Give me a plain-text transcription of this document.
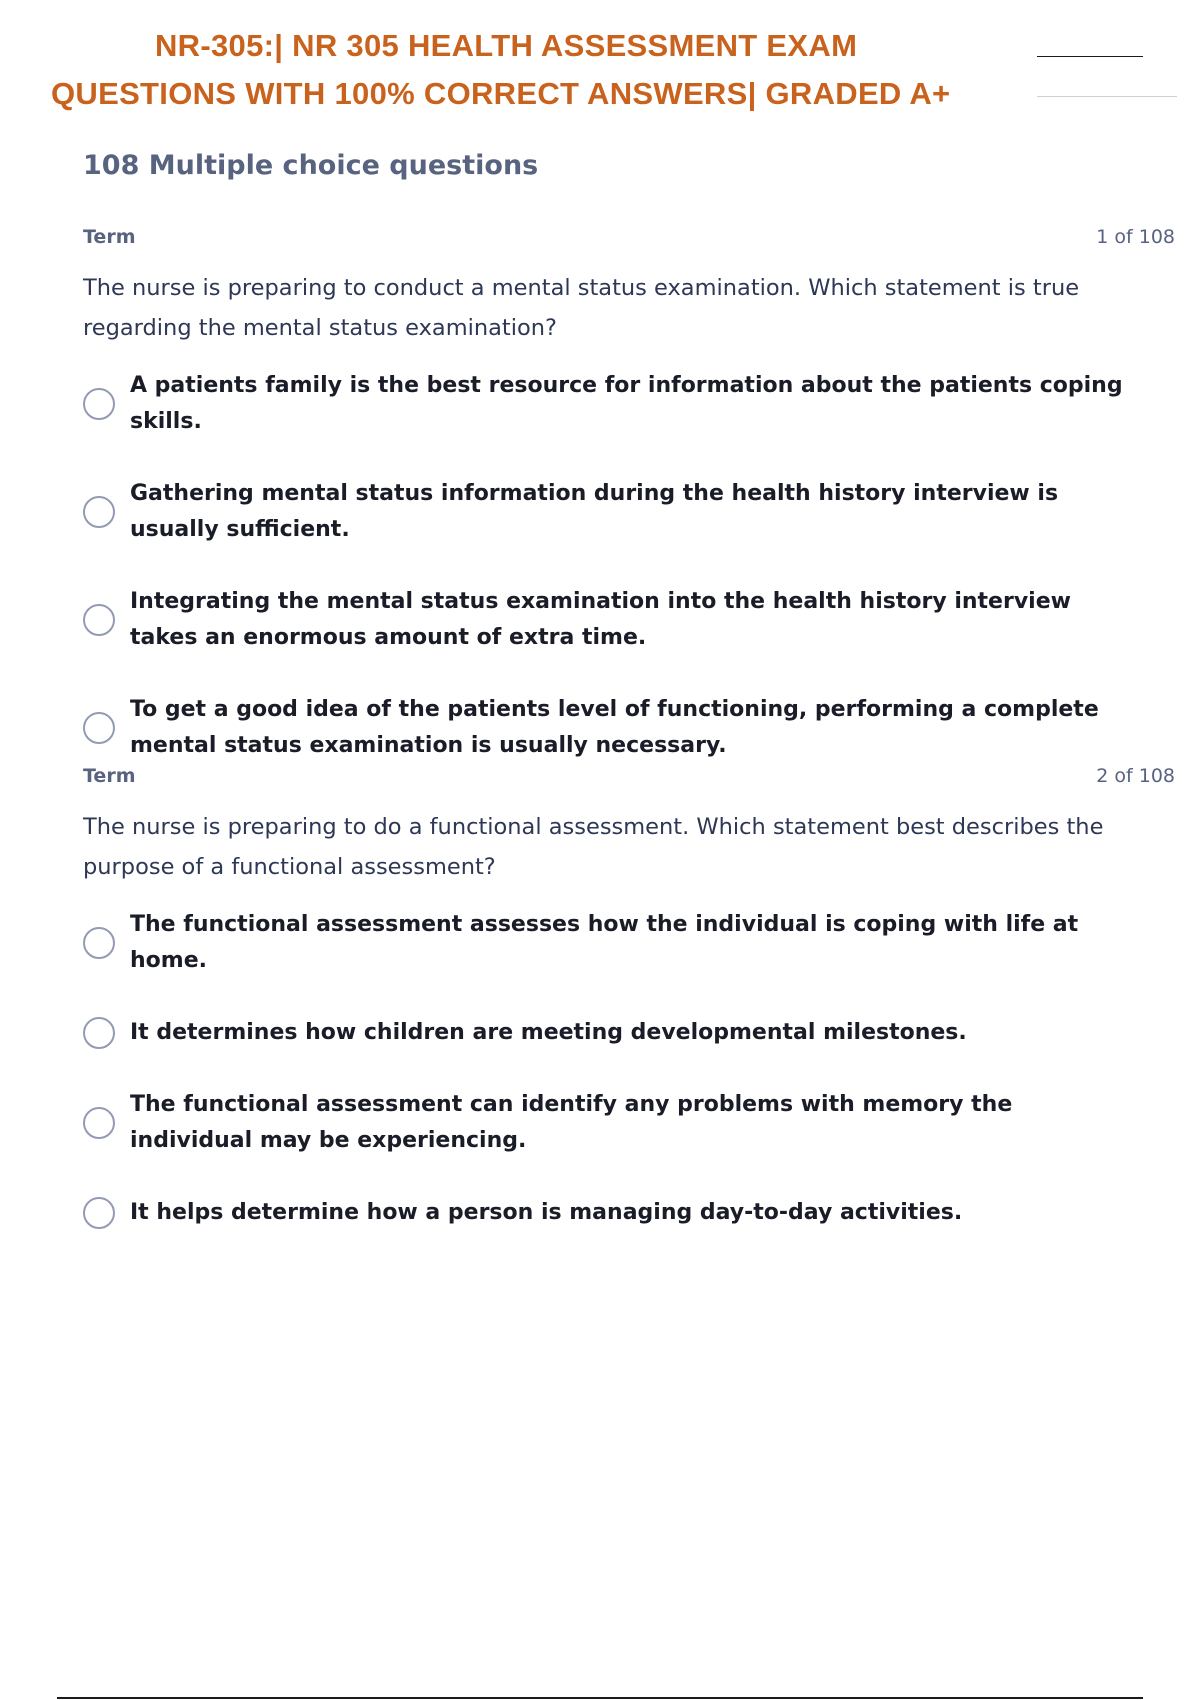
NR-305:| NR 305 HEALTH ASSESSMENT EXAM
QUESTIONS WITH 100% CORRECT ANSWERS| GRADED A+
108 Multiple choice questions
Term	1 of 108
The nurse is preparing to conduct a mental status examination. Which statement is true regarding the mental status examination?
A patients family is the best resource for information about the patients coping skills.
Gathering mental status information during the health history interview is usually sufficient.
Integrating the mental status examination into the health history interview takes an enormous amount of extra time.
To get a good idea of the patients level of functioning, performing a complete mental status examination is usually necessary.
Term	2 of 108
The nurse is preparing to do a functional assessment. Which statement best describes the purpose of a functional assessment?
The functional assessment assesses how the individual is coping with life at home.
It determines how children are meeting developmental milestones.
The functional assessment can identify any problems with memory the individual may be experiencing.
It helps determine how a person is managing day-to-day activities.
